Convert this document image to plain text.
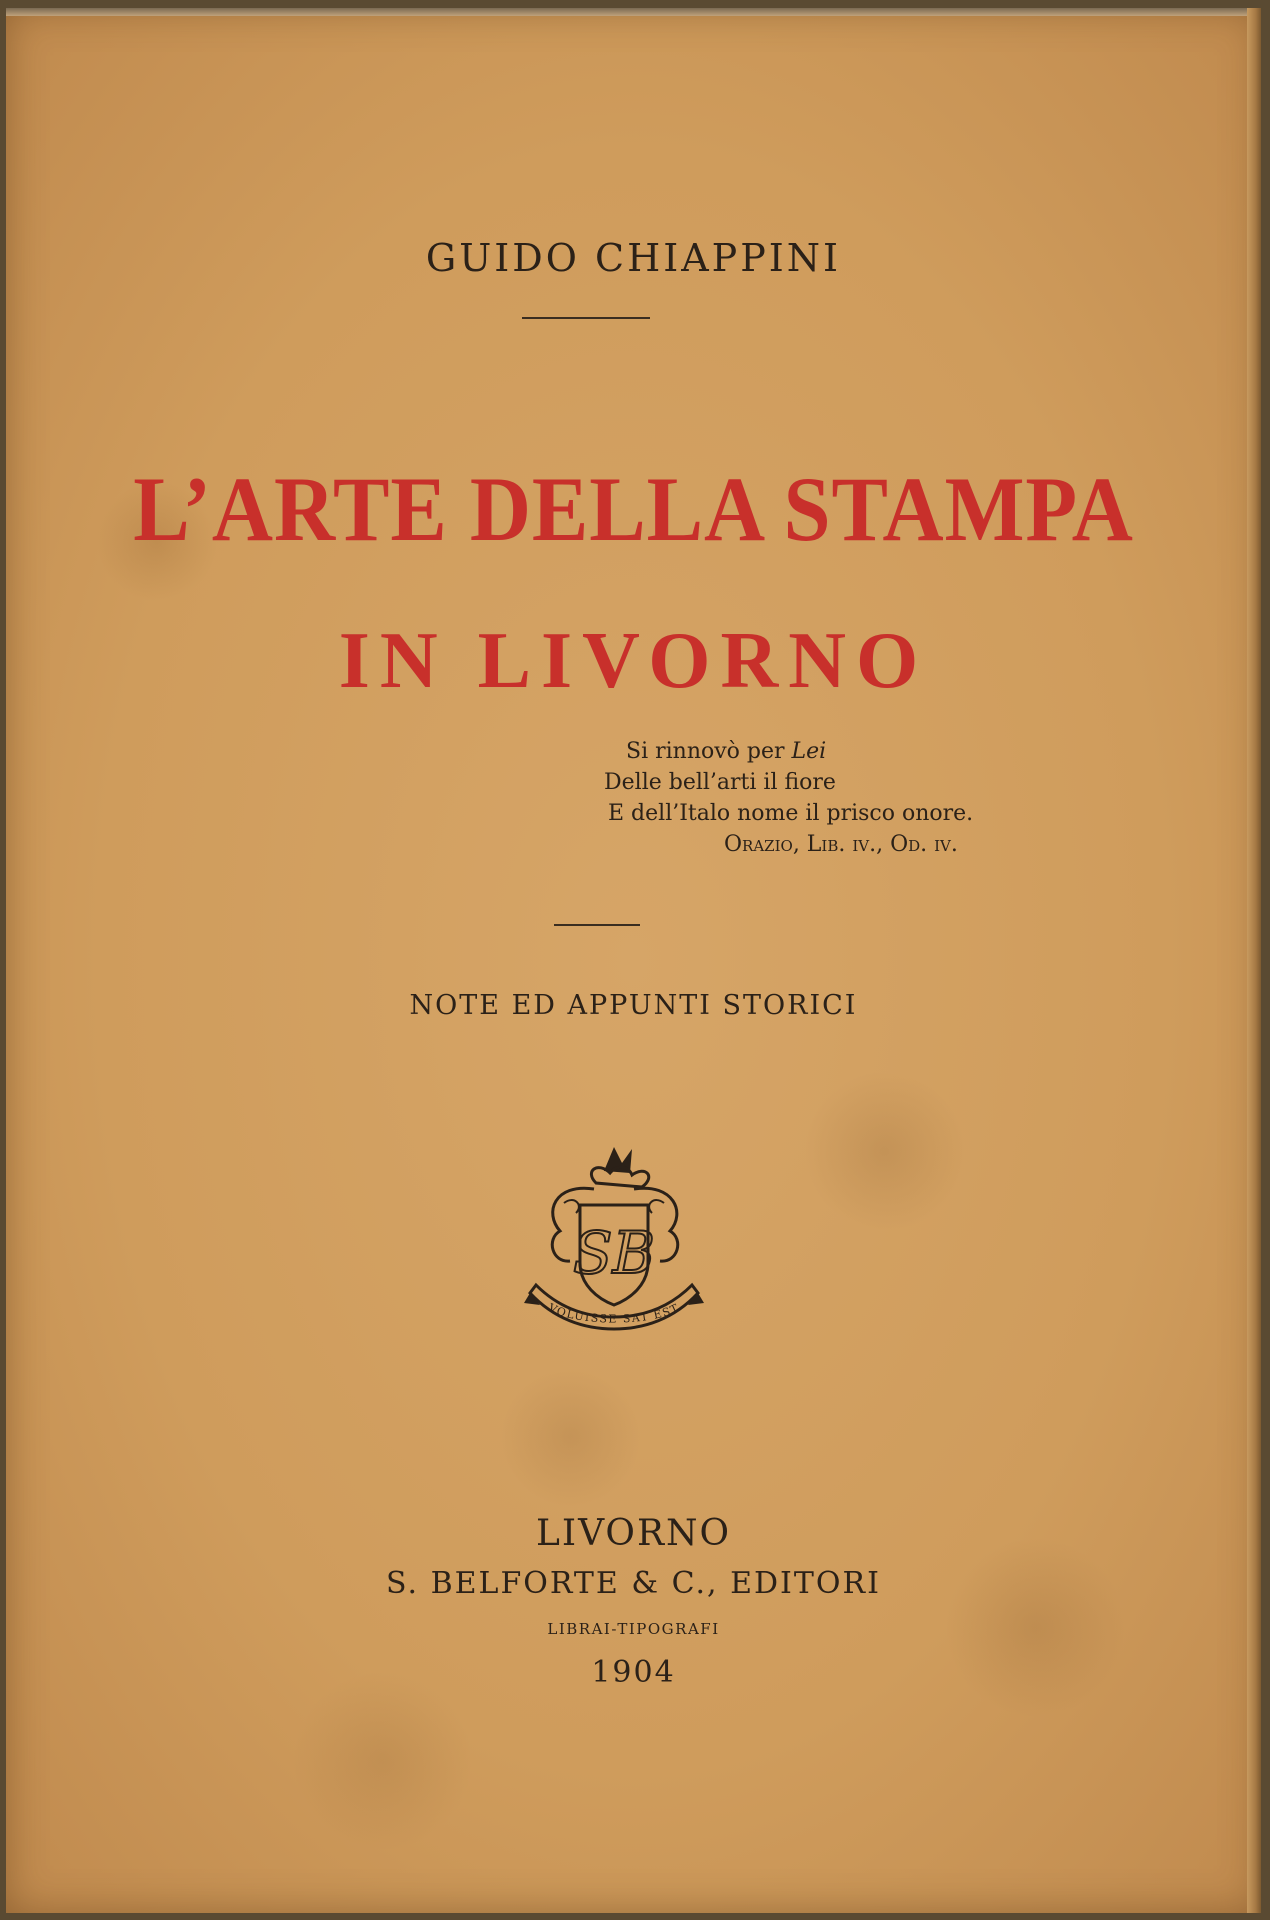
GUIDO CHIAPPINI
L’ARTE DELLA STAMPA
IN LIVORNO
Si rinnovò per Lei
Delle bell’arti il fiore
E dell’Italo nome il prisco onore.
Orazio, Lib. iv., Od. iv.
NOTE ED APPUNTI STORICI
SB
VOLUISSE SAT EST
LIVORNO
S. BELFORTE & C., EDITORI
LIBRAI-TIPOGRAFI
1904
